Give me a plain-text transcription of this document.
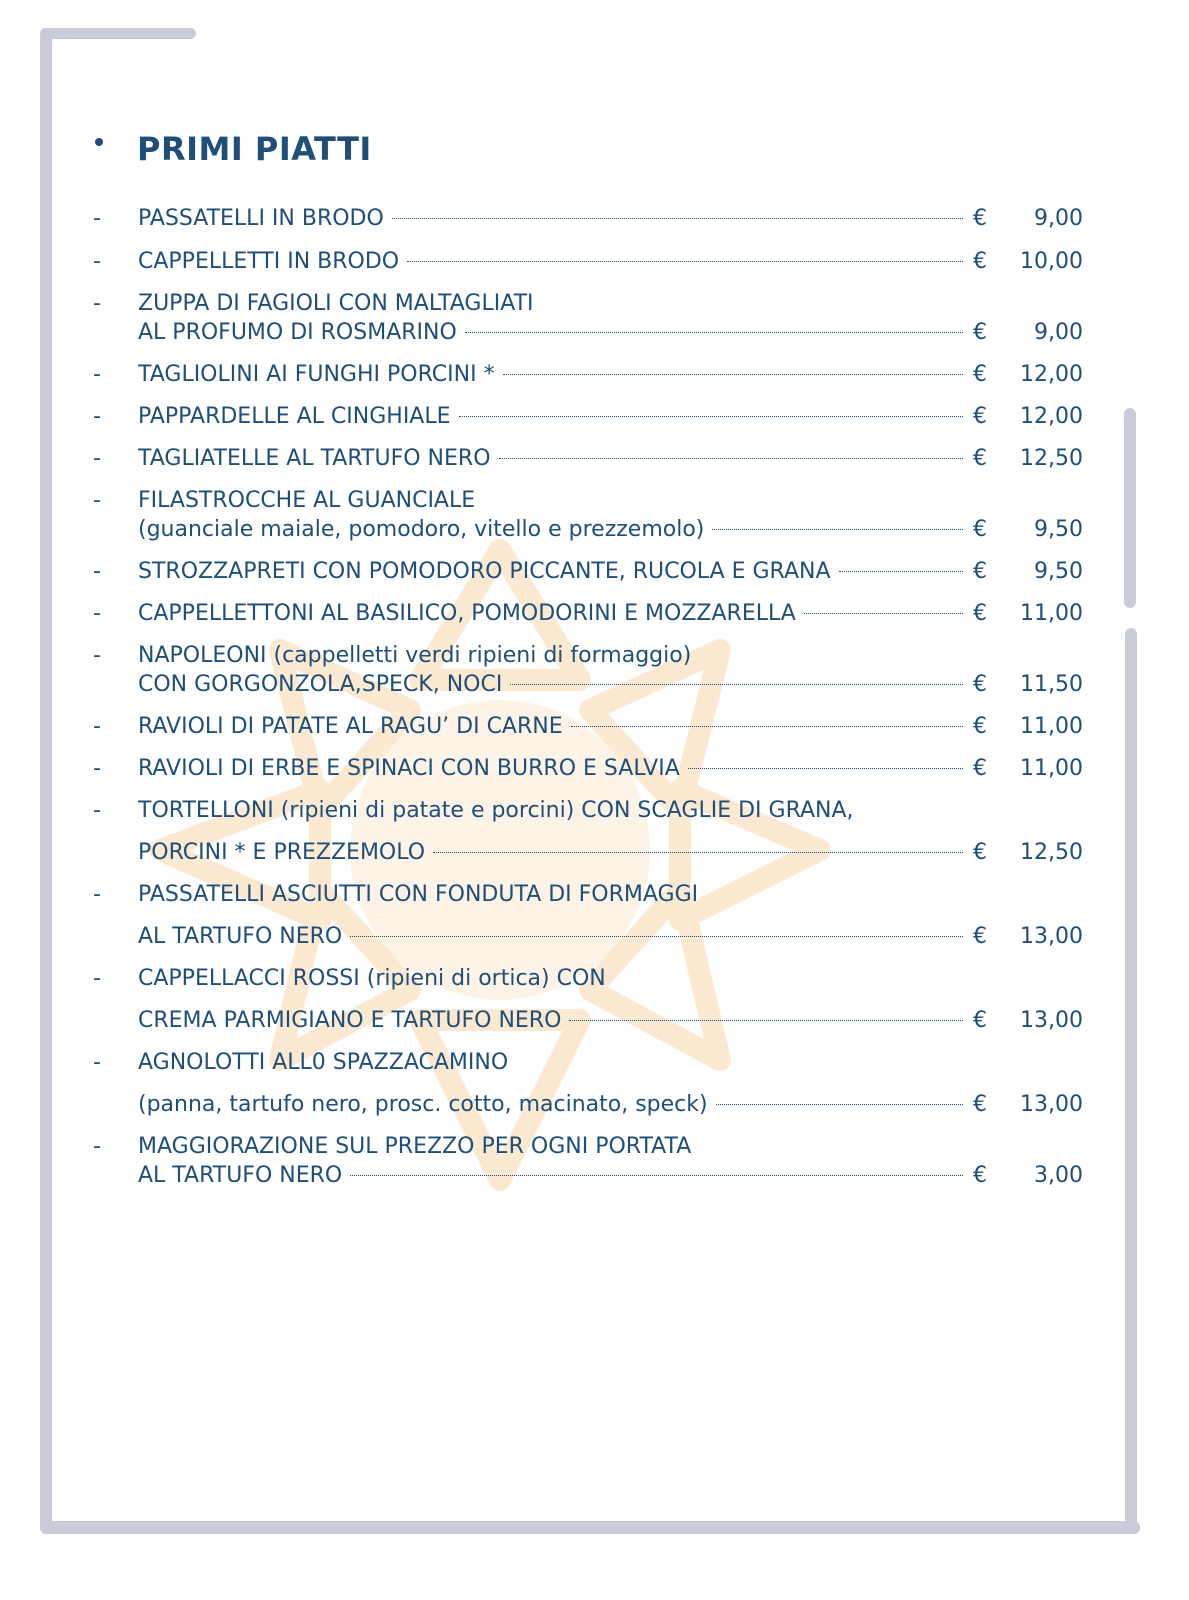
PRIMI PIATTI
-	PASSATELLI IN BRODO	€	9,00
-	CAPPELLETTI IN BRODO	€	10,00
-	ZUPPA DI FAGIOLI CON MALTAGLIATI
AL PROFUMO DI ROSMARINO	€	9,00
-	TAGLIOLINI AI FUNGHI PORCINI *	€	12,00
-	PAPPARDELLE AL CINGHIALE	€	12,00
-	TAGLIATELLE AL TARTUFO NERO	€	12,50
-	FILASTROCCHE AL GUANCIALE
(guanciale maiale, pomodoro, vitello e prezzemolo)	€	9,50
-	STROZZAPRETI CON POMODORO PICCANTE, RUCOLA E GRANA	€	9,50
-	CAPPELLETTONI AL BASILICO, POMODORINI E MOZZARELLA	€	11,00
-	NAPOLEONI (cappelletti verdi ripieni di formaggio)
CON GORGONZOLA,SPECK, NOCI	€	11,50
-	RAVIOLI DI PATATE AL RAGU’ DI CARNE	€	11,00
-	RAVIOLI DI ERBE E SPINACI CON BURRO E SALVIA	€	11,00
-	TORTELLONI (ripieni di patate e porcini) CON SCAGLIE DI GRANA,
PORCINI * E PREZZEMOLO	€	12,50
-	PASSATELLI ASCIUTTI CON FONDUTA DI FORMAGGI
AL TARTUFO NERO	€	13,00
-	CAPPELLACCI ROSSI (ripieni di ortica) CON
CREMA PARMIGIANO E TARTUFO NERO	€	13,00
-	AGNOLOTTI ALL0 SPAZZACAMINO
(panna, tartufo nero, prosc. cotto, macinato, speck)	€	13,00
-	MAGGIORAZIONE SUL PREZZO PER OGNI PORTATA
AL TARTUFO NERO	€	3,00
